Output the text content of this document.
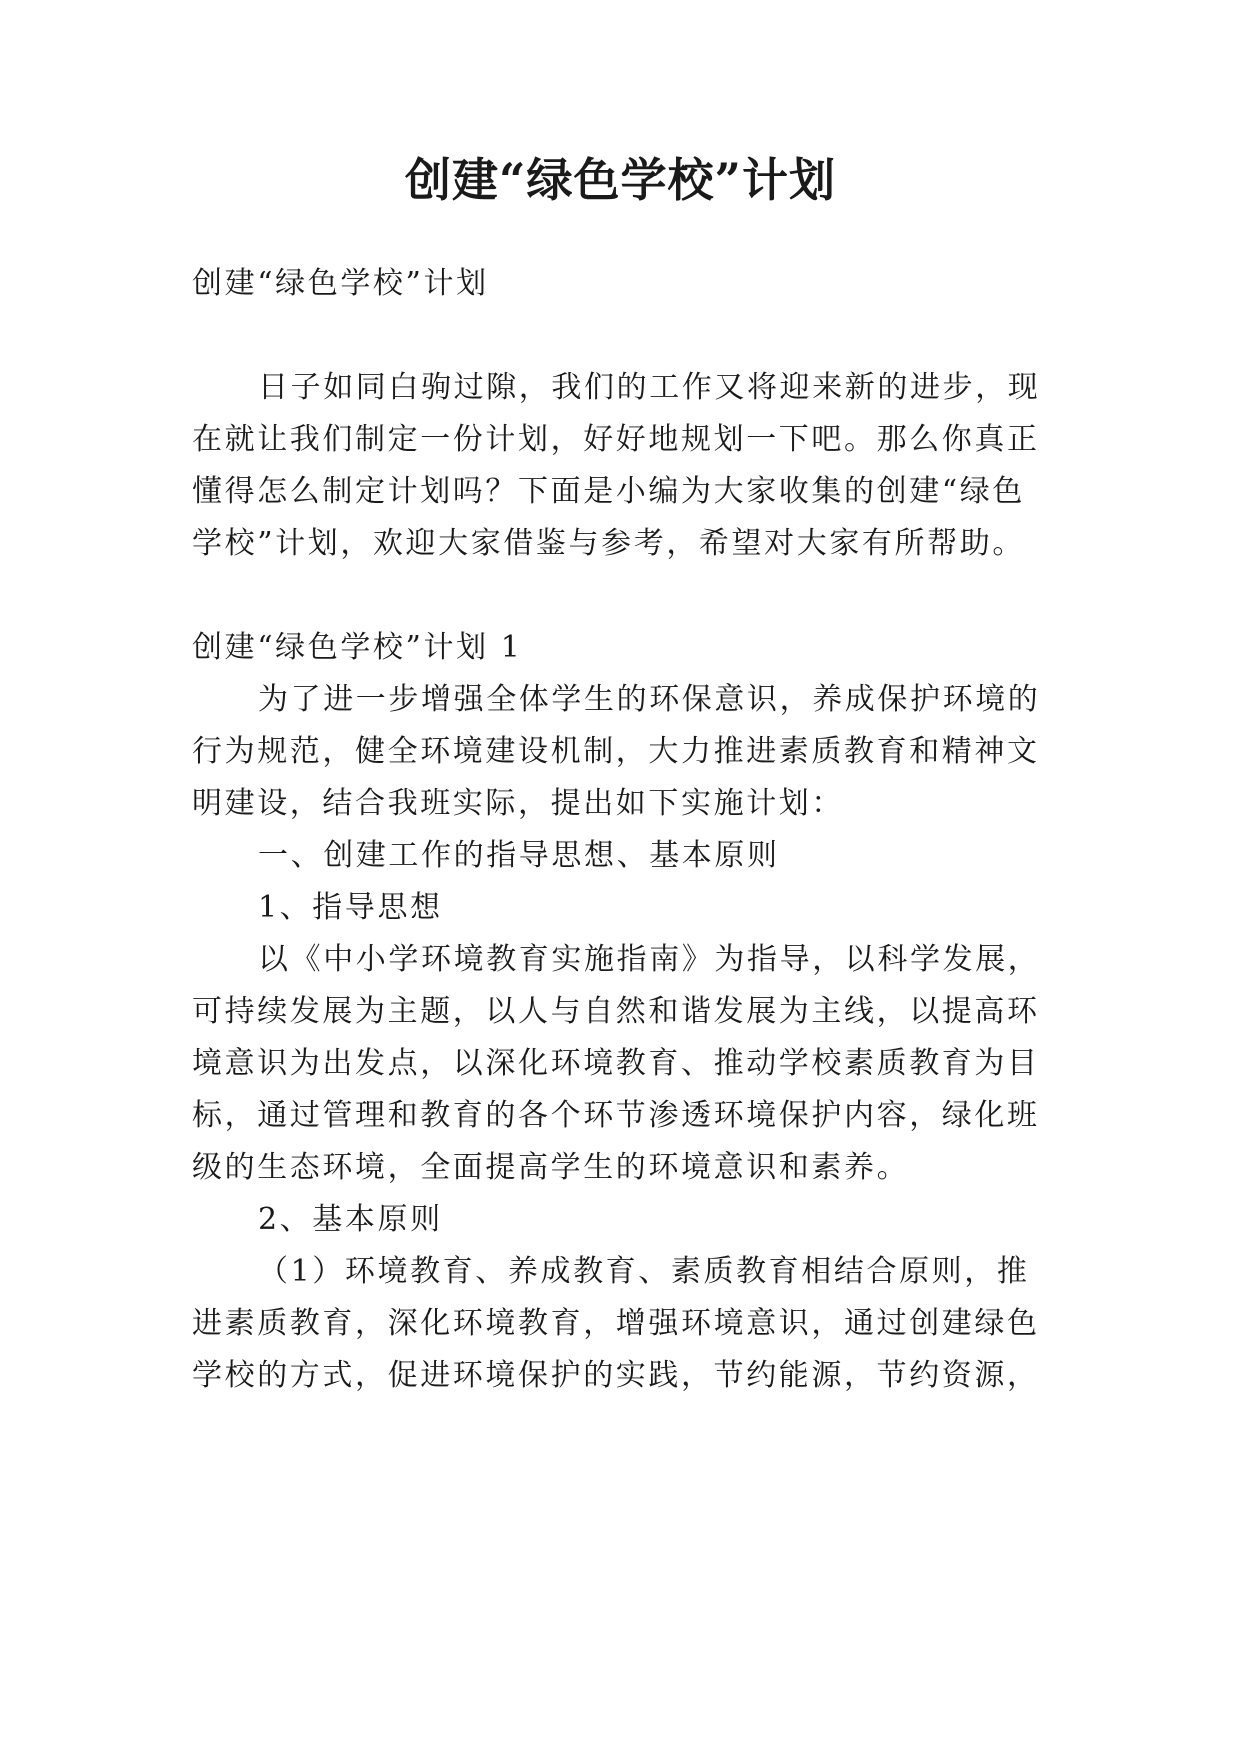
创建“绿色学校”计划
创建“绿色学校”计划
日子如同白驹过隙，我们的工作又将迎来新的进步，现
在就让我们制定一份计划，好好地规划一下吧。那么你真正
懂得怎么制定计划吗？下面是小编为大家收集的创建“绿色
学校”计划，欢迎大家借鉴与参考，希望对大家有所帮助。
创建“绿色学校”计划 1
为了进一步增强全体学生的环保意识，养成保护环境的
行为规范，健全环境建设机制，大力推进素质教育和精神文
明建设，结合我班实际，提出如下实施计划：
一、创建工作的指导思想、基本原则
1、指导思想
以《中小学环境教育实施指南》为指导，以科学发展，
可持续发展为主题，以人与自然和谐发展为主线，以提高环
境意识为出发点，以深化环境教育、推动学校素质教育为目
标，通过管理和教育的各个环节渗透环境保护内容，绿化班
级的生态环境，全面提高学生的环境意识和素养。
2、基本原则
（1）环境教育、养成教育、素质教育相结合原则，推
进素质教育，深化环境教育，增强环境意识，通过创建绿色
学校的方式，促进环境保护的实践，节约能源，节约资源，
